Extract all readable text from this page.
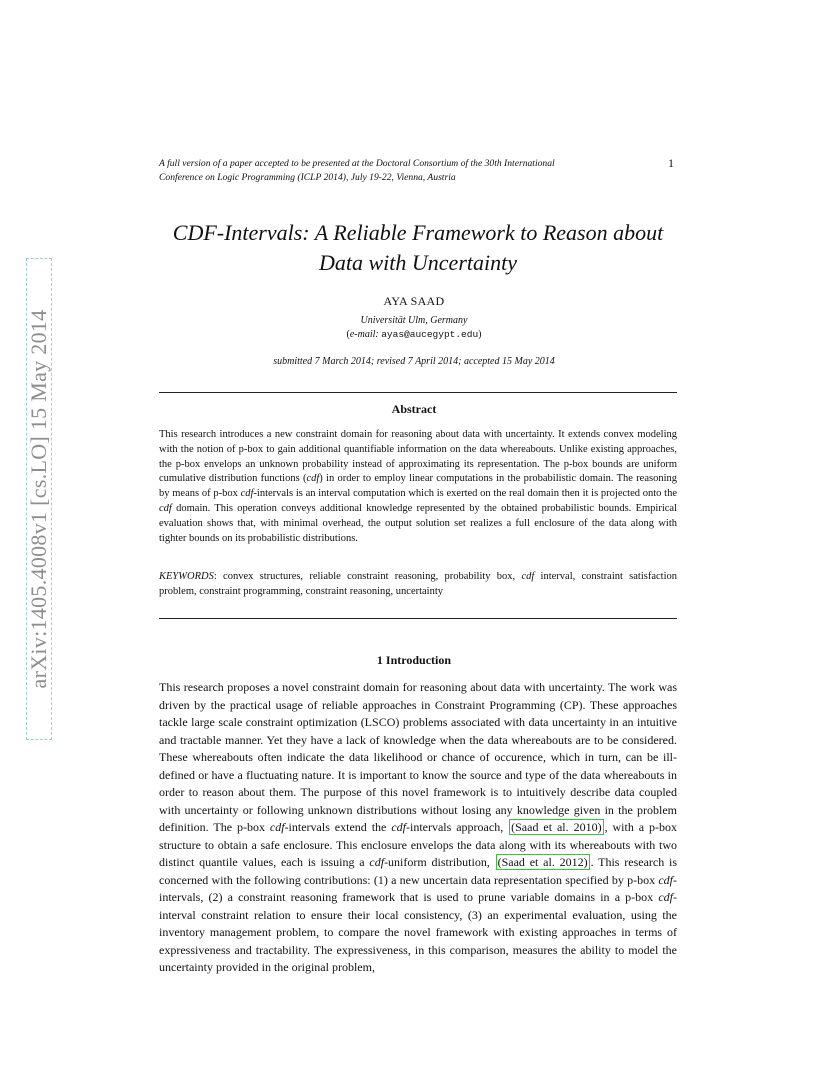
arXiv:1405.4008v1 [cs.LO] 15 May 2014
A full version of a paper accepted to be presented at the Doctoral Consortium of the 30th International
Conference on Logic Programming (ICLP 2014), July 19-22, Vienna, Austria
1
CDF-Intervals: A Reliable Framework to Reason about
Data with Uncertainty
AYA SAAD
Universität Ulm, Germany
(e-mail: ayas@aucegypt.edu)
submitted 7 March 2014; revised 7 April 2014; accepted 15 May 2014
Abstract
This research introduces a new constraint domain for reasoning about data with uncertainty. It extends convex modeling with the notion of p-box to gain additional quantifiable information on the data whereabouts. Unlike existing approaches, the p-box envelops an unknown probability instead of approximating its representation. The p-box bounds are uniform cumulative distribution functions (cdf) in order to employ linear computations in the probabilistic domain. The reasoning by means of p-box cdf-intervals is an interval computation which is exerted on the real domain then it is projected onto the cdf domain. This operation conveys additional knowledge represented by the obtained probabilistic bounds. Empirical evaluation shows that, with minimal overhead, the output solution set realizes a full enclosure of the data along with tighter bounds on its probabilistic distributions.
KEYWORDS: convex structures, reliable constraint reasoning, probability box, cdf interval, constraint satisfaction problem, constraint programming, constraint reasoning, uncertainty
1 Introduction
This research proposes a novel constraint domain for reasoning about data with uncertainty. The work was driven by the practical usage of reliable approaches in Constraint Programming (CP). These approaches tackle large scale constraint optimization (LSCO) problems associated with data uncertainty in an intuitive and tractable manner. Yet they have a lack of knowledge when the data whereabouts are to be considered. These whereabouts often indicate the data likelihood or chance of occurence, which in turn, can be ill-defined or have a fluctuating nature. It is important to know the source and type of the data whereabouts in order to reason about them. The purpose of this novel framework is to intuitively describe data coupled with uncertainty or following unknown distributions without losing any knowledge given in the problem definition. The p-box cdf-intervals extend the cdf-intervals approach, (Saad et al. 2010) , with a p-box structure to obtain a safe enclosure. This enclosure envelops the data along with its whereabouts with two distinct quantile values, each is issuing a cdf-uniform distribution, (Saad et al. 2012) . This research is concerned with the following contributions: (1) a new uncertain data representation specified by p-box cdf-intervals, (2) a constraint reasoning framework that is used to prune variable domains in a p-box cdf-interval constraint relation to ensure their local consistency, (3) an experimental evaluation, using the inventory management problem, to compare the novel framework with existing approaches in terms of expressiveness and tractability. The expressiveness, in this comparison, measures the ability to model the uncertainty provided in the original problem,
